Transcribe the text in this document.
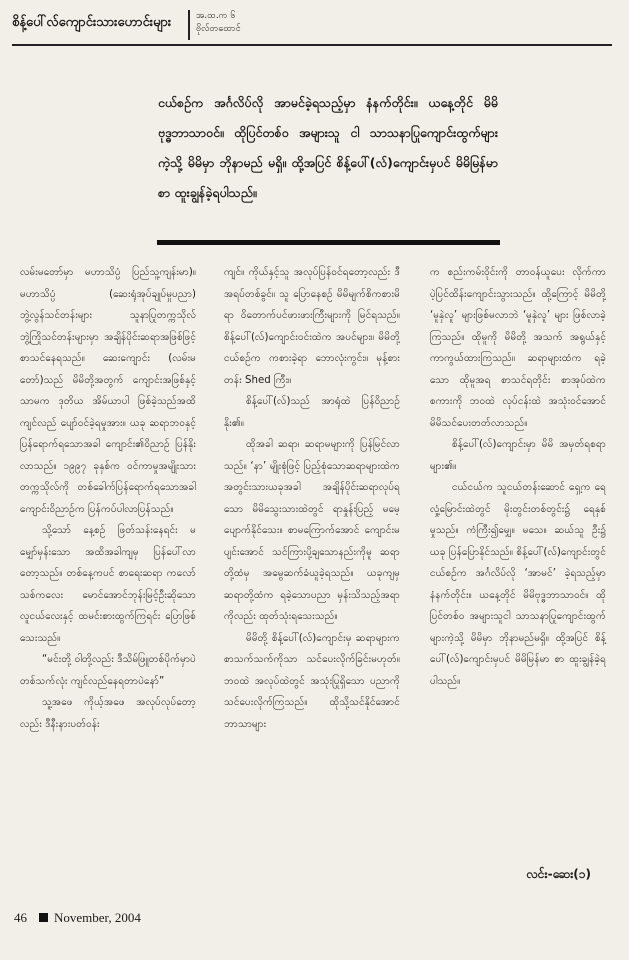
စိန့်ပေါ်လ်ကျောင်းသားဟောင်းများ	အ.ထ.က ၆
ဗိုလ်တထောင်

ငယ်စဉ်က အင်္ဂလိပ်လို အာမင်ခဲ့ရသည့်မှာ နံနက်တိုင်း။ ယနေ့တိုင် မိမိ ဗုဒ္ဓဘာသာဝင်။ ထိုပြင်တစ်ဝ အများသူ ငါ သာသနာပြုကျောင်းထွက်များကဲ့သို့ မိမိမှာ ဘိုနာမည် မရှိ။ ထို့အပြင် စိန့်ပေါ်(လ်)ကျောင်းမှပင် မိမိမြန်မာစာ ထူးချွန်ခဲ့ရပါသည်။

လမ်းမတော်မှာ မဟာသိပ္ပံ ပြည်သူ့ကျန်းမာ)။ မဟာသိပ္ပံ (ဆေးရုံအုပ်ချုပ်မှုပညာ) ဘွဲ့လွန်သင်တန်းများ သူနာပြုတက္ကသိုလ် ဘွဲ့ကြိုသင်တန်းများမှာ အချိန်ပိုင်းဆရာအဖြစ်ဖြင့် စာသင်နေရသည်။ ဆေးကျောင်း (လမ်းမတော်)သည် မိမိတို့အတွက် ကျောင်းအဖြစ်နှင့်သာမက ဒုတိယ အိမ်ယာပါ ဖြစ်ခဲ့သည်အထိ ကျင်လည် ပျော်ဝင်ခဲ့ရမှုအား။ ယခု ဆရာဘဝနှင့် ပြန်ရောက်ရသောအခါ ကျောင်း၏ဝိညာဉ် ပြန်နိုးလာသည်။ ၁၉၉၇ ခုနှစ်က ဝင်ကာမှုအမျိုးသားတက္ကသိုလ်ကို တစ်ခေါက်ပြန်ရောက်ရသောအခါ ကျောင်းဝိညာဉ်က ပြန်ကပ်ပါလာပြန်သည်။

သို့သော် နေ့စဉ် ဖြတ်သန်းနေရင်း မမျှော်မှန်းသော အထိအခါကျမှ ပြန်ပေါ်လာတော့သည်။ တစ်နေ့ကပင် စာရေးဆရာ ကလော်သစ်ကလေး မောင်အောင်ဘုန်းမြင့်ဦးဆိုသော လူငယ်လေးနှင့် ထမင်းစားထွက်ကြရင်း ပြောဖြစ်သေးသည်။

“မင်းတို့ ဝါတို့လည်း ဒီသိမ်ဖြူတစ်ပိုက်မှာပဲ တစ်သက်လုံး ကျင်လည်နေရတာပဲနော်”

သူ့အဖေ ကိုယ့်အဖေ အလုပ်လုပ်တော့လည်း ဒီနီးနားပတ်ဝန်း

ကျင်။ ကိုယ်နှင့်သူ အလုပ်ပြန်ဝင်ရတော့လည်း ဒီအရပ်တစ်ခွင်။ သူ ပြောနေစဉ် မိမိမျက်စိကစားမိရာ ဝိတောက်ပင်ဖားဖားကြီးများကို မြင်ရသည်။ စိန့်ပေါ်(လ်)ကျောင်းဝင်းထဲက အပင်များ။ မိမိတို့ငယ်စဉ်က ကစားခဲ့ရာ ဘောလုံးကွင်း။ မုန့်စားတန်း Shed ကြီး။

စိန့်ပေါ်(လ်)သည် အာရုံထဲ ပြန်ဝိညာဉ်နိုး၏။

ထိုအခါ ဆရာ၊ ဆရာမများကို ပြန်မြင်လာသည်။ ‘နာ’ မျိုးစုံဖြင့် ပြည့်စုံသောဆရာများထဲက အတွင်းသားယခုအခါ အချိန်ပိုင်းဆရာလုပ်ရသော မိမိသွေးသားထဲတွင် ရာနှုန်းပြည့် မမေ့ပျောက်နိုင်သေး။ စာမကြောက်အောင် ကျောင်းမပျင်းအောင် သင်ကြားပို့ချသောနည်းကိုမူ ဆရာတို့ထံမှ အမွေဆက်ခံယူခဲ့ရသည်။ ယခုကျမှ ဆရာတို့ထံက ရခဲ့သောပညာ မှန်းသိသည့်အရာကိုလည်း ထုတ်သုံးရသေးသည်။

မိမိတို့ စိန့်ပေါ်(လ်)ကျောင်းမှ ဆရာများက စာသက်သက်ကိုသာ သင်ပေးလိုက်ခြင်းမဟုတ်။ ဘဝထဲ အလုပ်ထဲတွင် အသုံးပြုရှိသော ပညာကို သင်ပေးလိုက်ကြသည်။ ထိုသို့သင်နိုင်အောင် ဘာသာများ

က စည်းကမ်းဝိုင်းကို တာဝန်ယူပေး လိုက်ကာ ပဲ့ပြင်ထိန်းကျောင်းသွားသည်။ ထို့ကြောင့် မိမိတို့ ‘မူနှဲလူ’ များဖြစ်မလာဘဲ ‘မူနှဲလူ’ များ ဖြစ်လာခဲ့ကြသည်။ ထိုမူကို မိမိတို့ အသက် အရွယ်နှင့် ကာကွယ်ထားကြသည်။ ဆရာများထံက ရခဲ့သော ထိုမူအရ စာသင်ရတိုင်း စာအုပ်ထဲက စကားကို ဘဝထဲ လုပ်ငန်းထဲ အသုံးဝင်အောင် မိမိသင်ပေးတတ်လာသည်။

စိန့်ပေါ်(လ်)ကျောင်းမှာ မိမိ အမှတ်ရစရာ များ၏။

ငယ်ငယ်က သူငယ်တန်းဆောင် ရှေ့က ရေလှုံ့မြောင်းထဲတွင် မိုးတွင်းတစ်တွင်း၌ ရေနှစ်မှုသည်။ ကံကြီး၍မျှေ။ မသေ။ ဆယ်သူ ဦး၌ ယခု ပြန်ပြောနိုင်သည်။ စိန့်ပေါ်(လ်)ကျောင်းတွင် ငယ်စဉ်က အင်္ဂလိပ်လို ‘အာမင်’ ခဲ့ရသည့်မှာ နံနက်တိုင်း။ ယနေ့တိုင် မိမိဗုဒ္ဓဘာသာဝင်။ ထိုပြင်တစ်ဝ အများသူငါ သာသနာပြုကျောင်းထွက်များကဲ့သို့ မိမိမှာ ဘိုနာမည်မရှိ။ ထို့အပြင် စိန့်ပေါ်(လ်)ကျောင်းမှပင် မိမိမြန်မာ စာ ထူးချွန်ခဲ့ရပါသည်။

လင်း-ဆေး(၁)
46 November, 2004
